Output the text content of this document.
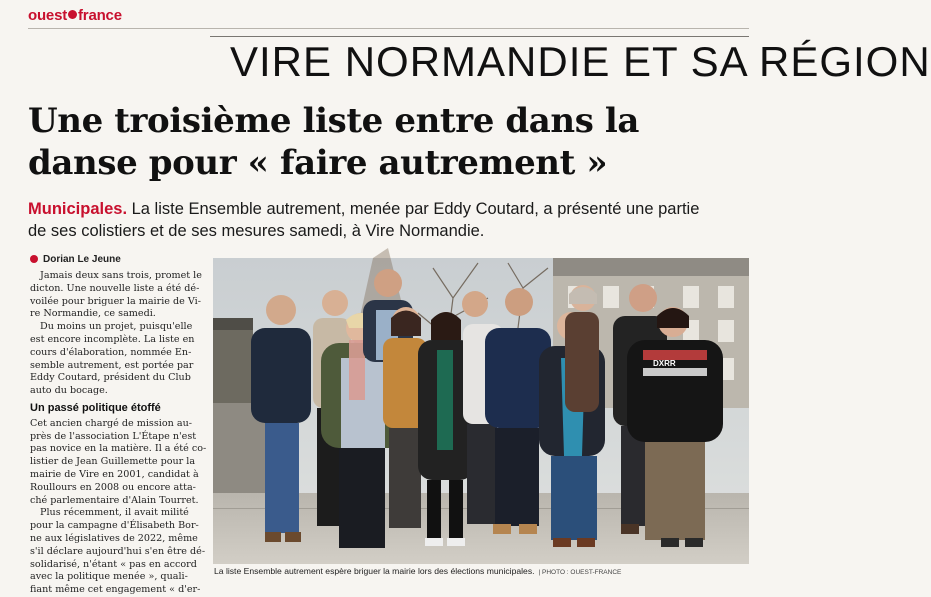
ouest france
VIRE NORMANDIE ET SA RÉGION
Une troisième liste entre dans la
danse pour « faire autrement »
Municipales. La liste Ensemble autrement, menée par Eddy Coutard, a présenté une partie
de ses colistiers et de ses mesures samedi, à Vire Normandie.
Dorian Le Jeune

Jamais deux sans trois, promet le
dicton. Une nouvelle liste a été dé-
voilée pour briguer la mairie de Vi-
re Normandie, ce samedi.

Du moins un projet, puisqu'elle
est encore incomplète. La liste en
cours d'élaboration, nommée En-
semble autrement, est portée par
Eddy Coutard, président du Club
auto du bocage.

Un passé politique étoffé

Cet ancien chargé de mission au-
près de l'association L'Étape n'est
pas novice en la matière. Il a été co-
listier de Jean Guillemette pour la
mairie de Vire en 2001, candidat à
Roullours en 2008 ou encore atta-
ché parlementaire d'Alain Tourret.

Plus récemment, il avait milité
pour la campagne d'Élisabeth Bor-
ne aux législatives de 2022, même
s'il déclare aujourd'hui s'en être dé-
solidarisé, n'étant « pas en accord
avec la politique menée », quali-
fiant même cet engagement « d'er-

DXRR
La liste Ensemble autrement espère briguer la mairie lors des élections municipales. | PHOTO : OUEST-FRANCE
